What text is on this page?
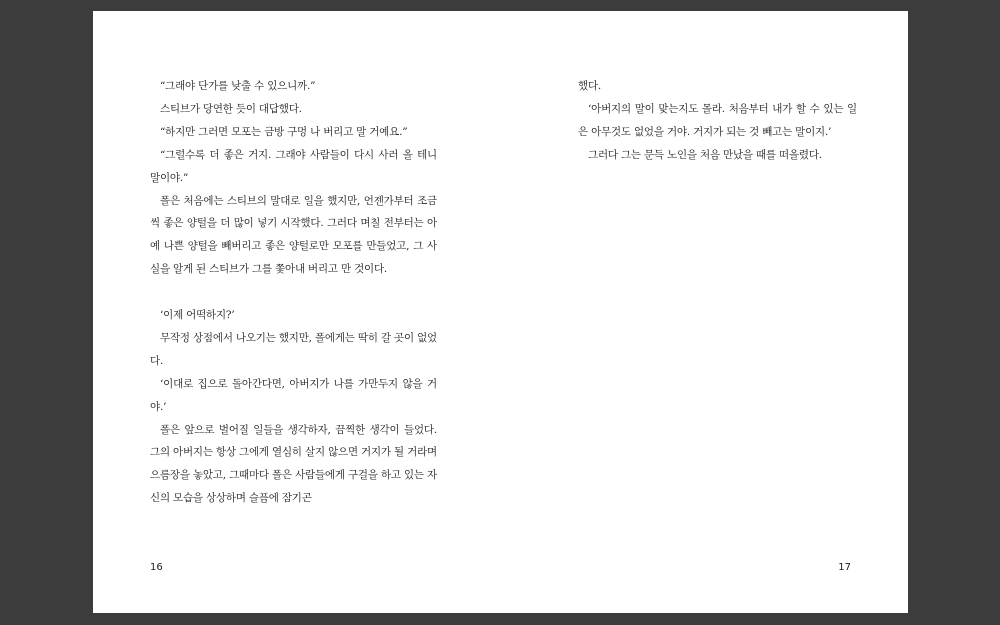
“그래야 단가를 낮출 수 있으니까.”

스티브가 당연한 듯이 대답했다.

“하지만 그러면 모포는 금방 구멍 나 버리고 말 거예요.”

“그럴수록 더 좋은 거지. 그래야 사람들이 다시 사러 올 테니 말이야.”

폴은 처음에는 스티브의 말대로 일을 했지만, 언젠가부터 조금씩 좋은 양털을 더 많이 넣기 시작했다. 그러다 며칠 전부터는 아예 나쁜 양털을 빼버리고 좋은 양털로만 모포를 만들었고, 그 사실을 알게 된 스티브가 그를 쫓아내 버리고 만 것이다.

‘이제 어떡하지?’

무작정 상점에서 나오기는 했지만, 폴에게는 딱히 갈 곳이 없었다.

‘이대로 집으로 돌아간다면, 아버지가 나를 가만두지 않을 거야.’

폴은 앞으로 벌어질 일들을 생각하자, 끔찍한 생각이 들었다. 그의 아버지는 항상 그에게 열심히 살지 않으면 거지가 될 거라며 으름장을 놓았고, 그때마다 폴은 사람들에게 구걸을 하고 있는 자신의 모습을 상상하며 슬픔에 잠기곤

16

했다.

‘아버지의 말이 맞는지도 몰라. 처음부터 내가 할 수 있는 일은 아무것도 없었을 거야. 거지가 되는 것 빼고는 말이지.’

그러다 그는 문득 노인을 처음 만났을 때를 떠올렸다.

17
